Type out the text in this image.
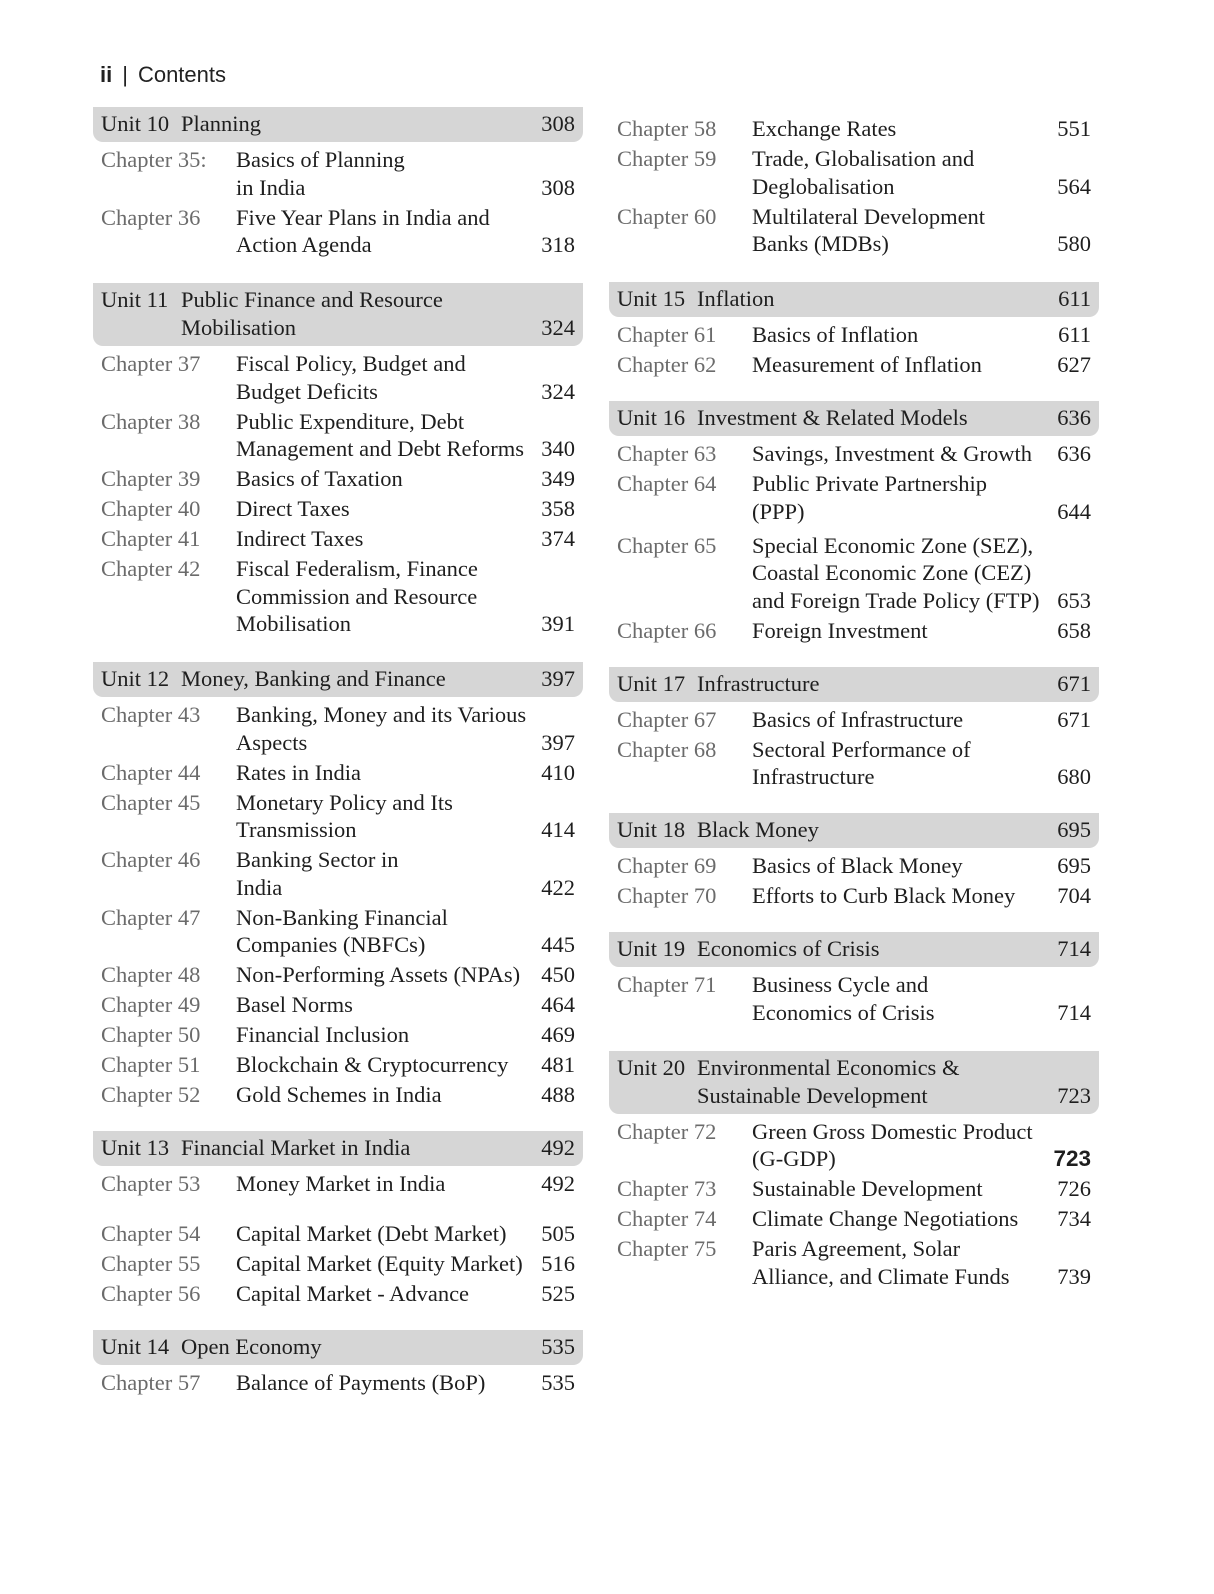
ii | Contents
Unit 10 Planning	308
Chapter 35:	Basics of Planning in India	308
Chapter 36	Five Year Plans in India and Action Agenda	318
Unit 11 Public Finance and Resource Mobilisation	324
Chapter 37	Fiscal Policy, Budget and Budget Deficits	324
Chapter 38	Public Expenditure, Debt Management and Debt Reforms 340
Chapter 39	Basics of Taxation	349
Chapter 40	Direct Taxes	358
Chapter 41	Indirect Taxes	374
Chapter 42	Fiscal Federalism, Finance Commission and Resource Mobilisation	391
Unit 12 Money, Banking and Finance	397
Chapter 43	Banking, Money and its Various Aspects	397
Chapter 44	Rates in India	410
Chapter 45	Monetary Policy and Its Transmission	414
Chapter 46	Banking Sector in India	422
Chapter 47	Non-Banking Financial Companies (NBFCs)	445
Chapter 48	Non-Performing Assets (NPAs) 450
Chapter 49	Basel Norms	464
Chapter 50	Financial Inclusion	469
Chapter 51	Blockchain & Cryptocurrency	481
Chapter 52	Gold Schemes in India	488
Unit 13 Financial Market in India	492
Chapter 53	Money Market in India	492
Chapter 54	Capital Market (Debt Market)	505
Chapter 55	Capital Market (Equity Market) 516
Chapter 56	Capital Market - Advance	525
Unit 14 Open Economy	535
Chapter 57	Balance of Payments (BoP)	535
Chapter 58	Exchange Rates	551
Chapter 59	Trade, Globalisation and Deglobalisation	564
Chapter 60	Multilateral Development Banks (MDBs)	580
Unit 15 Inflation	611
Chapter 61	Basics of Inflation	611
Chapter 62	Measurement of Inflation	627
Unit 16 Investment & Related Models	636
Chapter 63	Savings, Investment & Growth	636
Chapter 64	Public Private Partnership (PPP)	644
Chapter 65	Special Economic Zone (SEZ), Coastal Economic Zone (CEZ) and Foreign Trade Policy (FTP) 653
Chapter 66	Foreign Investment	658
Unit 17 Infrastructure	671
Chapter 67	Basics of Infrastructure	671
Chapter 68	Sectoral Performance of Infrastructure	680
Unit 18 Black Money	695
Chapter 69	Basics of Black Money	695
Chapter 70	Efforts to Curb Black Money	704
Unit 19 Economics of Crisis	714
Chapter 71	Business Cycle and Economics of Crisis	714
Unit 20 Environmental Economics & Sustainable Development	723
Chapter 72	Green Gross Domestic Product (G-GDP)	723
Chapter 73	Sustainable Development	726
Chapter 74	Climate Change Negotiations	734
Chapter 75	Paris Agreement, Solar Alliance, and Climate Funds	739
